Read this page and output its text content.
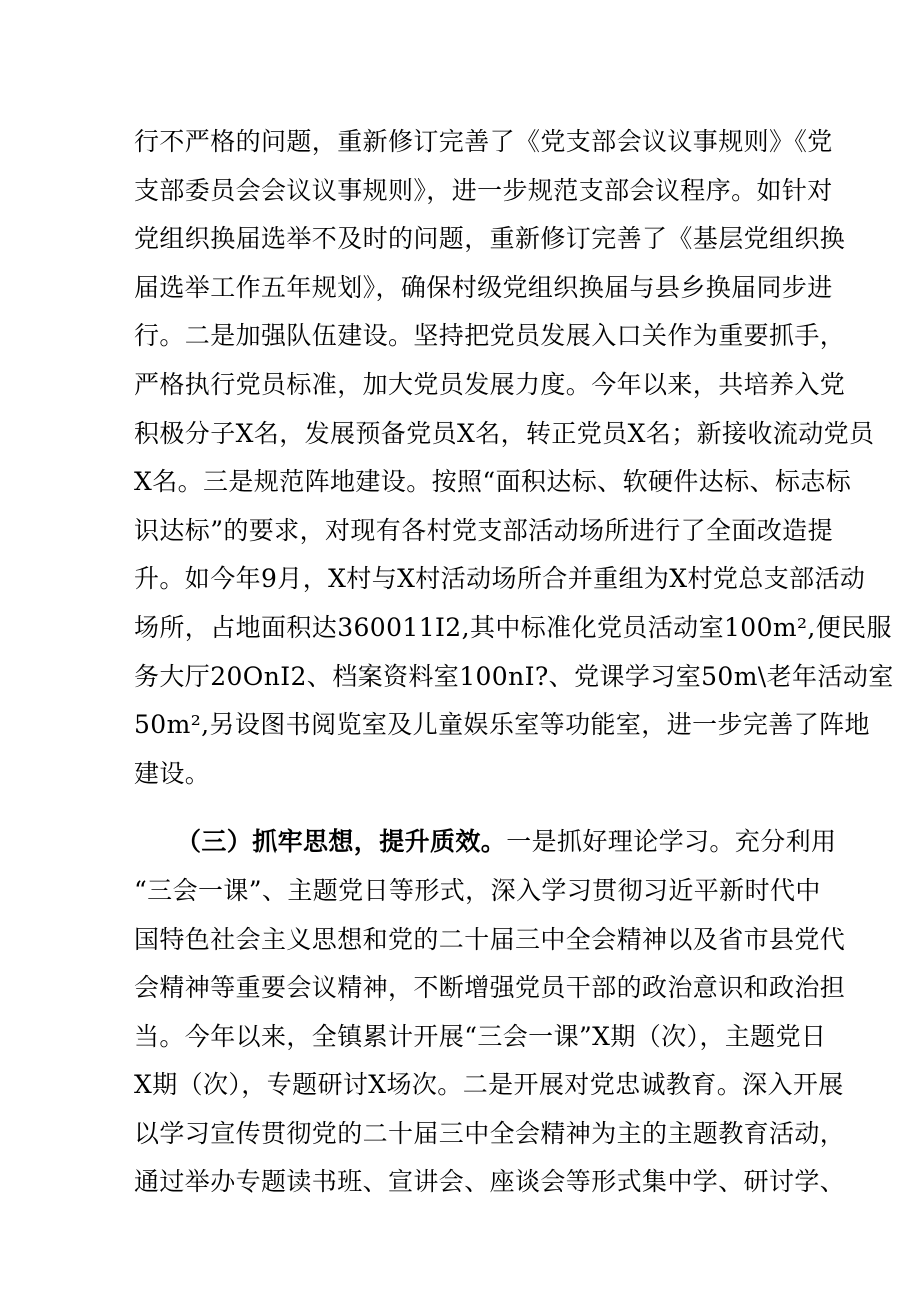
行不严格的问题，重新修订完善了《党支部会议议事规则》《党
支部委员会会议议事规则》，进一步规范支部会议程序。如针对
党组织换届选举不及时的问题，重新修订完善了《基层党组织换
届选举工作五年规划》，确保村级党组织换届与县乡换届同步进
行。二是加强队伍建设。坚持把党员发展入口关作为重要抓手，
严格执行党员标准，加大党员发展力度。今年以来，共培养入党
积极分子X名，发展预备党员X名，转正党员X名；新接收流动党员
X名。三是规范阵地建设。按照“面积达标、软硬件达标、标志标
识达标”的要求，对现有各村党支部活动场所进行了全面改造提
升。如今年9月，X村与X村活动场所合并重组为X村党总支部活动
场所，占地面积达360011I2,其中标准化党员活动室100m²,便民服
务大厅20OnI2、档案资料室100nI?、党课学习室50m\老年活动室
50m²,另设图书阅览室及儿童娱乐室等功能室，进一步完善了阵地
建设。
（三）抓牢思想，提升质效。一是抓好理论学习。充分利用
“三会一课”、主题党日等形式，深入学习贯彻习近平新时代中
国特色社会主义思想和党的二十届三中全会精神以及省市县党代
会精神等重要会议精神，不断增强党员干部的政治意识和政治担
当。今年以来，全镇累计开展“三会一课”X期（次），主题党日
X期（次），专题研讨X场次。二是开展对党忠诚教育。深入开展
以学习宣传贯彻党的二十届三中全会精神为主的主题教育活动，
通过举办专题读书班、宣讲会、座谈会等形式集中学、研讨学、
